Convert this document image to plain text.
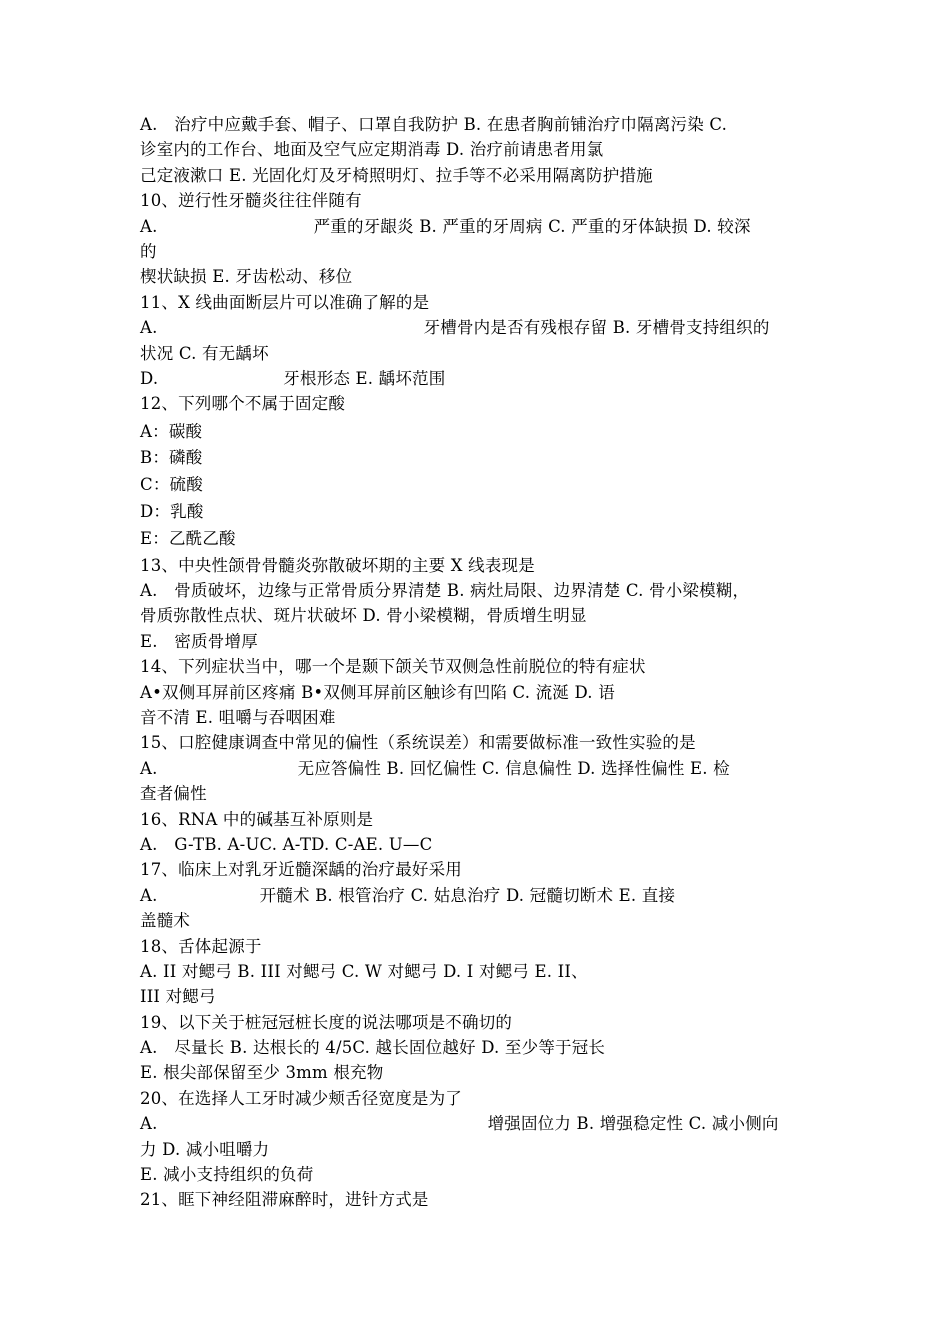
A.　治疗中应戴手套、帽子、口罩自我防护 B. 在患者胸前铺治疗巾隔离污染 C.
诊室内的工作台、地面及空气应定期消毒 D. 治疗前请患者用氯
己定液漱口 E. 光固化灯及牙椅照明灯、拉手等不必采用隔离防护措施
10、逆行性牙髓炎往往伴随有
A.	严重的牙龈炎 B. 严重的牙周病 C. 严重的牙体缺损 D. 较深
的
楔状缺损 E. 牙齿松动、移位
11、X 线曲面断层片可以准确了解的是
A.	牙槽骨内是否有残根存留 B. 牙槽骨支持组织的
状况 C. 有无龋坏
D.	牙根形态 E. 龋坏范围
12、下列哪个不属于固定酸
A：碳酸
B：磷酸
C：硫酸
D：乳酸
E：乙酰乙酸
13、中央性颌骨骨髓炎弥散破坏期的主要 X 线表现是
A.　骨质破坏，边缘与正常骨质分界清楚 B. 病灶局限、边界清楚 C. 骨小梁模糊，
骨质弥散性点状、斑片状破坏 D. 骨小梁模糊，骨质增生明显
E.　密质骨增厚
14、下列症状当中，哪一个是颞下颌关节双侧急性前脱位的特有症状
A•双侧耳屏前区疼痛 B•双侧耳屏前区触诊有凹陷 C. 流涎 D. 语
音不清 E. 咀嚼与吞咽困难
15、口腔健康调查中常见的偏性（系统误差）和需要做标准一致性实验的是
A.	无应答偏性 B. 回忆偏性 C. 信息偏性 D. 选择性偏性 E. 检
查者偏性
16、RNA 中的碱基互补原则是
A.　G-TB. A-UC. A-TD. C-AE. U—C
17、临床上对乳牙近髓深龋的治疗最好采用
A.	开髓术 B. 根管治疗 C. 姑息治疗 D. 冠髓切断术 E. 直接
盖髓术
18、舌体起源于
A. II 对鳃弓 B. III 对鳃弓 C. W 对鳃弓 D. I 对鳃弓 E. II、
III 对鳃弓
19、以下关于桩冠冠桩长度的说法哪项是不确切的
A.　尽量长 B. 达根长的 4/5C. 越长固位越好 D. 至少等于冠长
E. 根尖部保留至少 3mm 根充物
20、在选择人工牙时减少颊舌径宽度是为了
A.	增强固位力 B. 增强稳定性 C. 减小侧向
力 D. 减小咀嚼力
E. 减小支持组织的负荷
21、眶下神经阻滞麻醉时，进针方式是
